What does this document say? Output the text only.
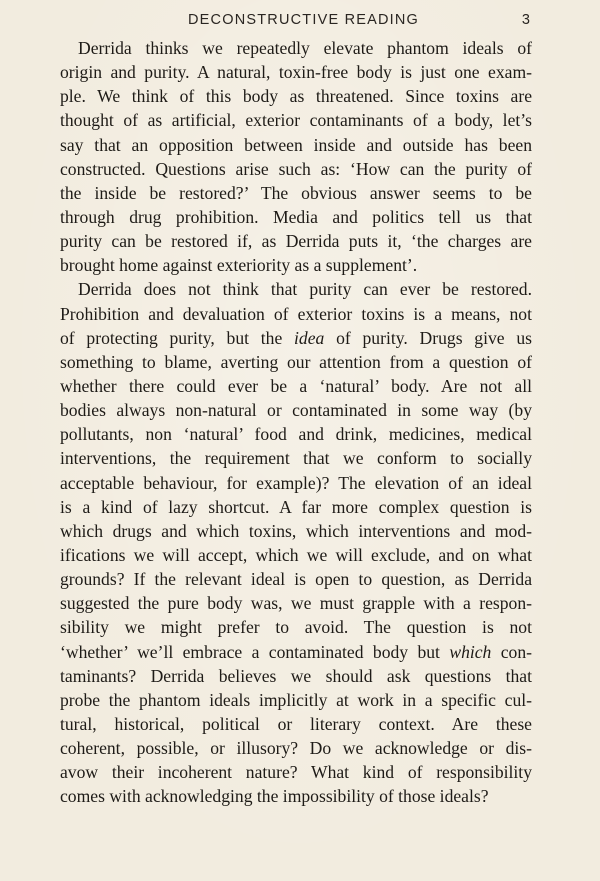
DECONSTRUCTIVE READING	3
Derrida thinks we repeatedly elevate phantom ideals of
origin and purity. A natural, toxin-free body is just one exam-
ple. We think of this body as threatened. Since toxins are
thought of as artificial, exterior contaminants of a body, let’s
say that an opposition between inside and outside has been
constructed. Questions arise such as: ‘How can the purity of
the inside be restored?’ The obvious answer seems to be
through drug prohibition. Media and politics tell us that
purity can be restored if, as Derrida puts it, ‘the charges are
brought home against exteriority as a supplement’.
Derrida does not think that purity can ever be restored.
Prohibition and devaluation of exterior toxins is a means, not
of protecting purity, but the idea of purity. Drugs give us
something to blame, averting our attention from a question of
whether there could ever be a ‘natural’ body. Are not all
bodies always non-natural or contaminated in some way (by
pollutants, non ‘natural’ food and drink, medicines, medical
interventions, the requirement that we conform to socially
acceptable behaviour, for example)? The elevation of an ideal
is a kind of lazy shortcut. A far more complex question is
which drugs and which toxins, which interventions and mod-
ifications we will accept, which we will exclude, and on what
grounds? If the relevant ideal is open to question, as Derrida
suggested the pure body was, we must grapple with a respon-
sibility we might prefer to avoid. The question is not
‘whether’ we’ll embrace a contaminated body but which con-
taminants? Derrida believes we should ask questions that
probe the phantom ideals implicitly at work in a specific cul-
tural, historical, political or literary context. Are these
coherent, possible, or illusory? Do we acknowledge or dis-
avow their incoherent nature? What kind of responsibility
comes with acknowledging the impossibility of those ideals?
